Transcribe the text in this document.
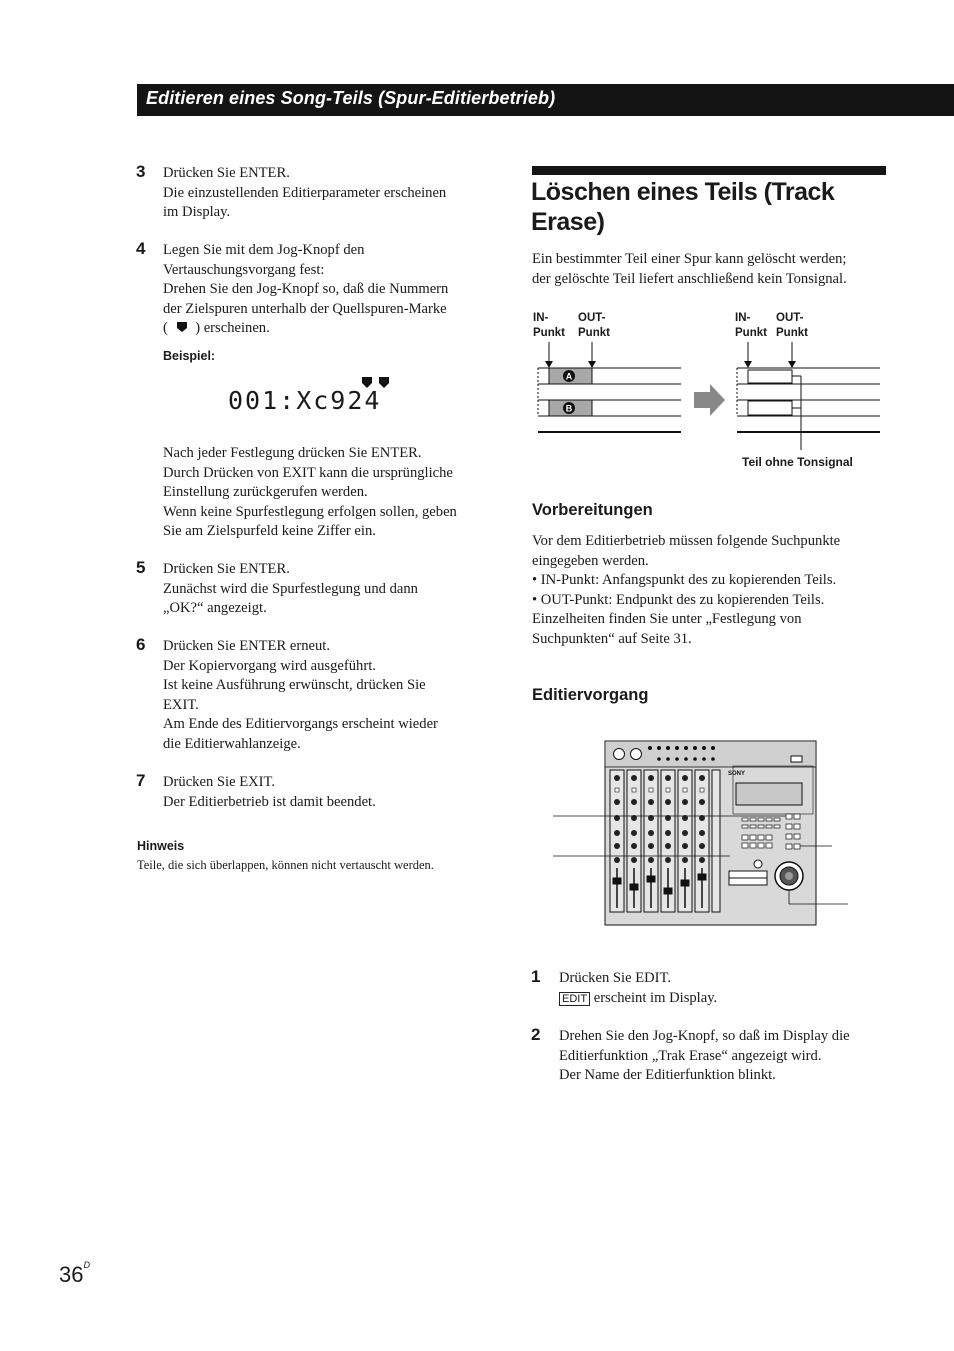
Editieren eines Song-Teils (Spur-Editierbetrieb)
3 Drücken Sie ENTER.
Die einzustellenden Editierparameter erscheinen
im Display.
4 Legen Sie mit dem Jog-Knopf den
Vertauschungsvorgang fest:
Drehen Sie den Jog-Knopf so, daß die Nummern
der Zielspuren unterhalb der Quellspuren-Marke
( ) erscheinen.
Beispiel:
001:Xc924
Nach jeder Festlegung drücken Sie ENTER.
Durch Drücken von EXIT kann die ursprüngliche
Einstellung zurückgerufen werden.
Wenn keine Spurfestlegung erfolgen sollen, geben
Sie am Zielspurfeld keine Ziffer ein.
5 Drücken Sie ENTER.
Zunächst wird die Spurfestlegung und dann
„OK?“ angezeigt.
6 Drücken Sie ENTER erneut.
Der Kopiervorgang wird ausgeführt.
Ist keine Ausführung erwünscht, drücken Sie
EXIT.
Am Ende des Editiervorgangs erscheint wieder
die Editierwahlanzeige.
7 Drücken Sie EXIT.
Der Editierbetrieb ist damit beendet.
Hinweis
Teile, die sich überlappen, können nicht vertauscht werden.
Löschen eines Teils (Track
Erase)
Ein bestimmter Teil einer Spur kann gelöscht werden;
der gelöschte Teil liefert anschließend kein Tonsignal.
IN-
Punkt
OUT-
Punkt
IN-
Punkt
OUT-
Punkt
A
B
Teil ohne Tonsignal
Vorbereitungen
Vor dem Editierbetrieb müssen folgende Suchpunkte
eingegeben werden.
• IN-Punkt: Anfangspunkt des zu kopierenden Teils.
• OUT-Punkt: Endpunkt des zu kopierenden Teils.
Einzelheiten finden Sie unter „Festlegung von
Suchpunkten“ auf Seite 31.
Editiervorgang
SONY
1 Drücken Sie EDIT.
EDIT erscheint im Display.
2 Drehen Sie den Jog-Knopf, so daß im Display die
Editierfunktion „Trak Erase“ angezeigt wird.
Der Name der Editierfunktion blinkt.
$36^D$
